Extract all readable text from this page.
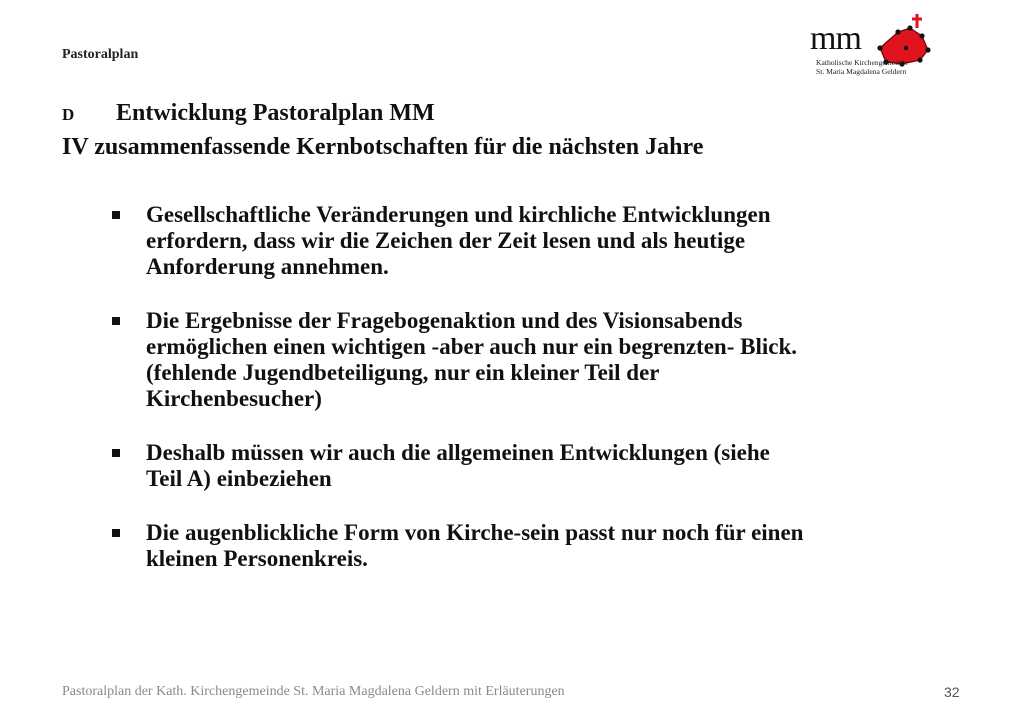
Pastoralplan	mm
Katholische Kirchengemeinde
St. Maria Magdalena Geldern
D Entwicklung Pastoralplan MM
IV zusammenfassende Kernbotschaften für die nächsten Jahre
Gesellschaftliche Veränderungen und kirchliche Entwicklungen
erfordern, dass wir die Zeichen der Zeit lesen und als heutige
Anforderung annehmen.
Die Ergebnisse der Fragebogenaktion und des Visionsabends
ermöglichen einen wichtigen -aber auch nur ein begrenzten- Blick.
(fehlende Jugendbeteiligung, nur ein kleiner Teil der
Kirchenbesucher)
Deshalb müssen wir auch die allgemeinen Entwicklungen (siehe
Teil A) einbeziehen
Die augenblickliche Form von Kirche-sein passt nur noch für einen
kleinen Personenkreis.
Pastoralplan der Kath. Kirchengemeinde St. Maria Magdalena Geldern mit Erläuterungen	32
